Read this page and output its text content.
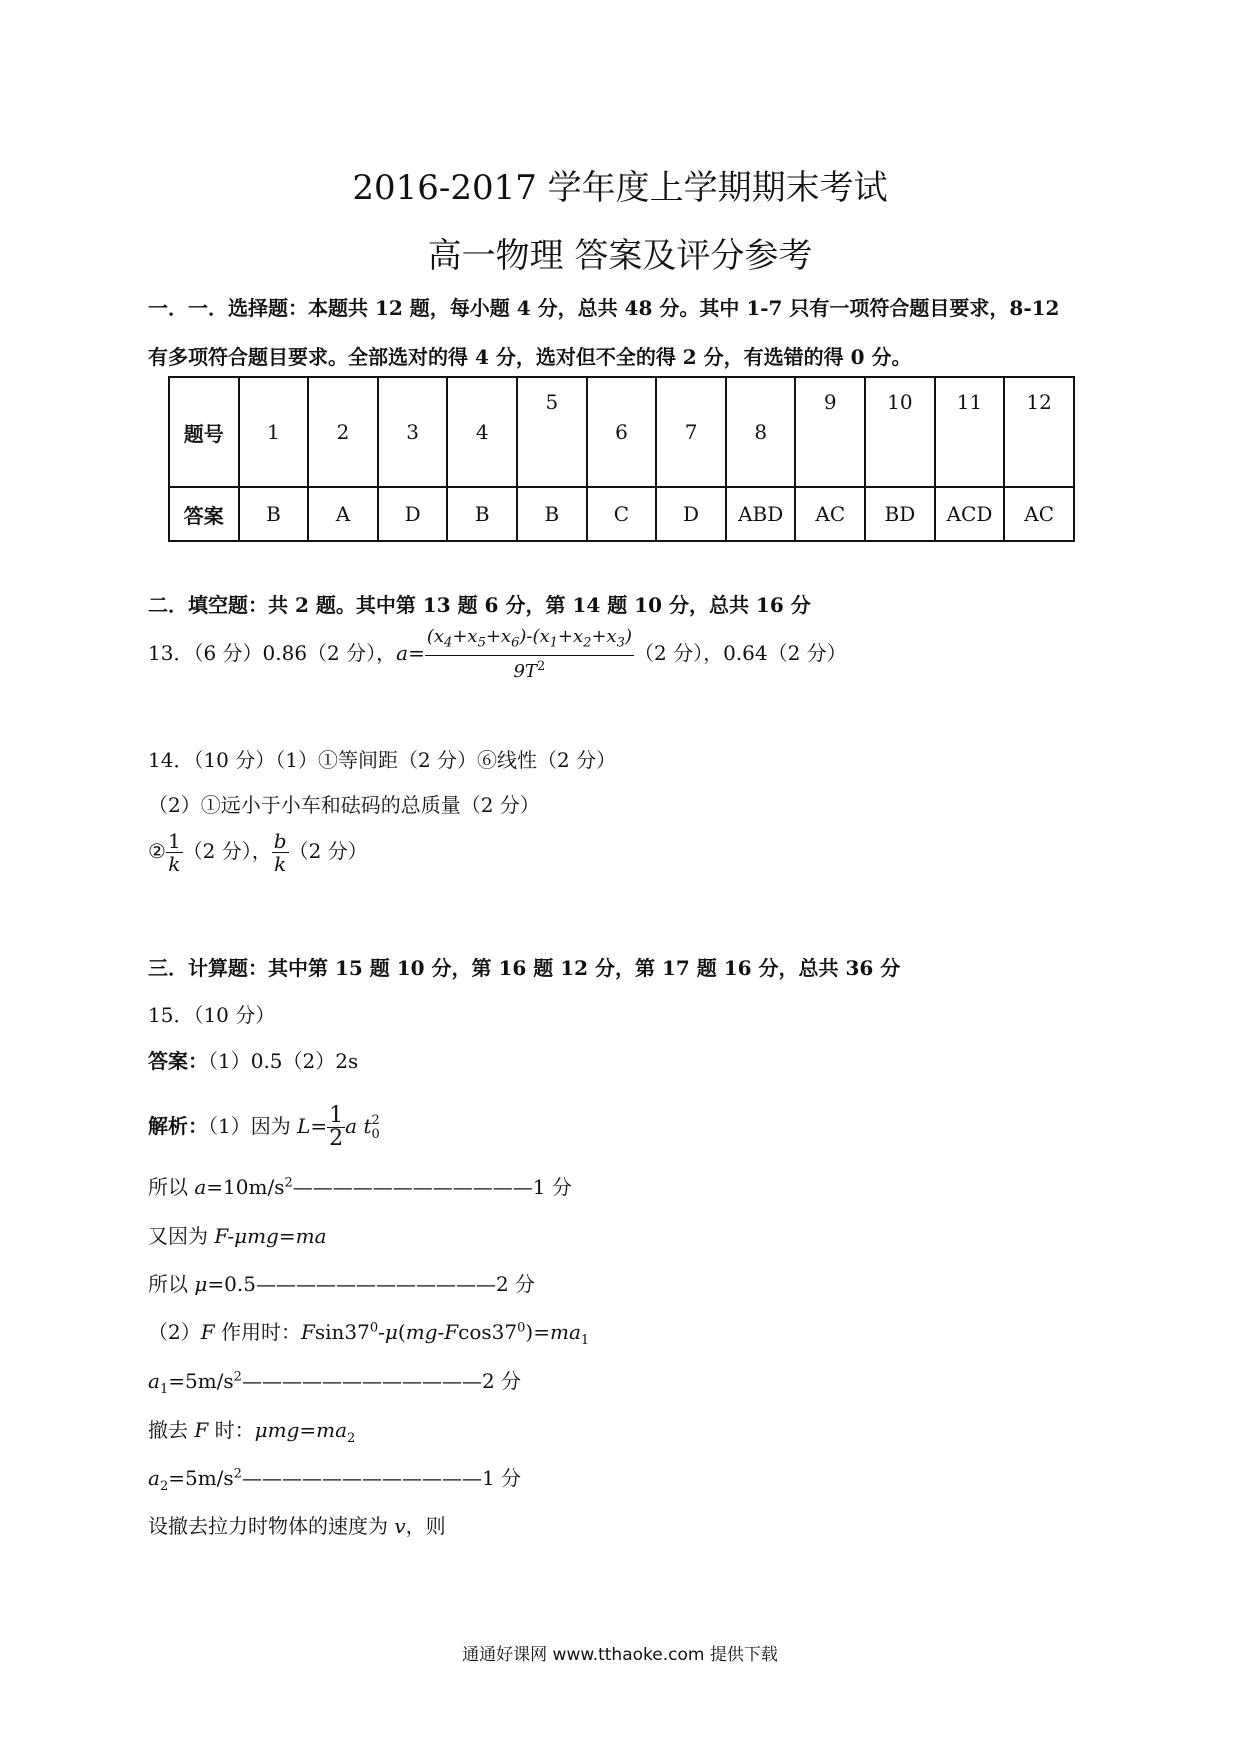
2016-2017 学年度上学期期末考试
高一物理 答案及评分参考
一．一．选择题：本题共 12 题，每小题 4 分，总共 48 分。其中 1-7 只有一项符合题目要求，8-12
有多项符合题目要求。全部选对的得 4 分，选对但不全的得 2 分，有选错的得 0 分。
题号	1	2	3	4	5	6	7	8	9	10	11	12
答案	B	A	D	B	B	C	D	ABD	AC	BD	ACD	AC
二．填空题：共 2 题。其中第 13 题 6 分，第 14 题 10 分，总共 16 分
13．（6 分）0.86（2 分），$a= \frac{(x_4+x_5+x_6)-(x_1+x_2+x_3)}{9T^2} (2$ 分），0.64（2 分）
14．（10 分）（1）①等间距（2 分）⑥线性（2 分）
（2）①远小于小车和砝码的总质量（2 分）
② $\frac{1}{k} (2$ 分）， $\frac{b}{k} (2$ 分）
三．计算题：其中第 15 题 10 分，第 16 题 12 分，第 17 题 16 分，总共 36 分
15．（10 分）
答案：（1）0.5（2）2s
解析：（1）因为 $L= \frac{1}{2}$ a t 2
0
所以 $a=10m/s^2————————————1$ 分
又因为 F-μmg=ma
所以 μ=0.5————————————2 分
（2）F 作用时：$Fsin37^0-\mu(mg-Fcos37^0)=ma_1$
$a_1=5m/s^2————————————2$ 分
撤去 F 时：$\mu mg=ma_2$
$a_2=5m/s^2————————————1$ 分
设撤去拉力时物体的速度为 v，则
通通好课网 www.tthaoke.com 提供下载
